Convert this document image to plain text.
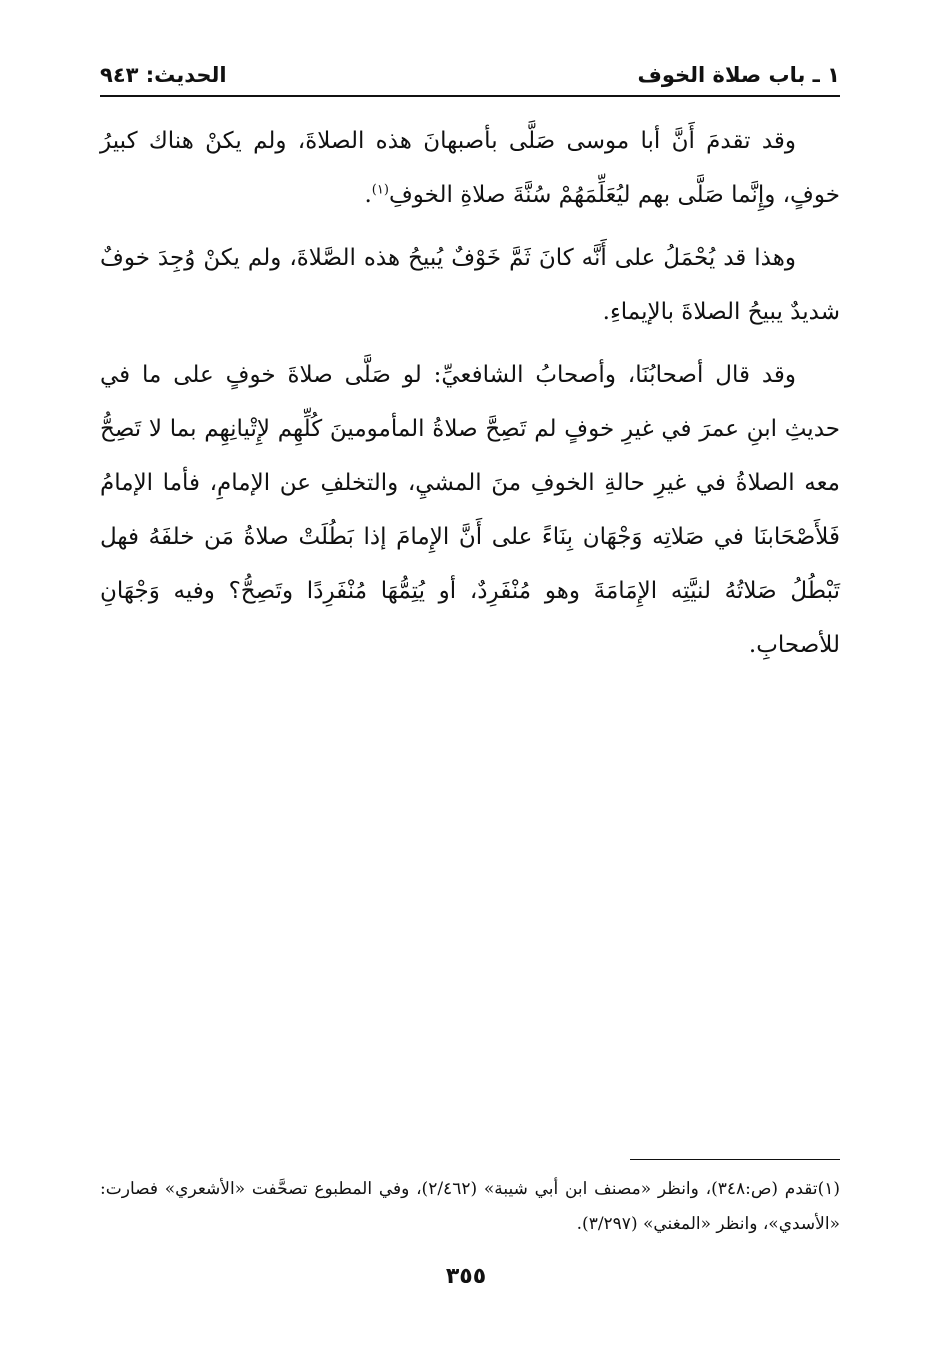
١ ـ باب صلاة الخوف
الحديث: ٩٤٣

وقد تقدمَ أَنَّ أبا موسى صَلَّى بأصبهانَ هذه الصلاةَ، ولم يكنْ هناك كبيرُ خوفٍ، وإِنَّما صَلَّى بهم ليُعَلِّمَهُمْ سُنَّةَ صلاةِ الخوفِ$^{(١)}$.

وهذا قد يُحْمَلُ على أَنَّه كانَ ثَمَّ خَوْفٌ يُبيحُ هذه الصَّلاةَ، ولم يكنْ وُجِدَ خوفٌ شديدٌ يبيحُ الصلاةَ بالإيماءِ.

وقد قال أصحابُنَا، وأصحابُ الشافعيِّ: لو صَلَّى صلاةَ خوفٍ على ما في حديثِ ابنِ عمرَ في غيرِ خوفٍ لم تَصِحَّ صلاةُ المأمومينَ كُلِّهِم لإِتْيانِهِم بما لا تَصِحُّ معه الصلاةُ في غيرِ حالةِ الخوفِ منَ المشيِ، والتخلفِ عن الإمامِ، فأما الإمامُ فَلأَصْحَابنَا في صَلاتِه وَجْهَان بِنَاءً على أَنَّ الإِمامَ إذا بَطُلَتْ صلاةُ مَن خلفَهُ فهل تَبْطُلُ صَلاتُهُ لنيَّتِه الإِمَامَةَ وهو مُنْفَرِدٌ، أو يُتِمُّهَا مُنْفَرِدًا وتَصِحُّ؟ وفيه وَجْهَانِ للأصحابِ.

(١)تقدم (ص:٣٤٨)، وانظر «مصنف ابن أبي شيبة» (٢/٤٦٢)، وفي المطبوع تصحَّفت «الأشعري» فصارت: «الأسدي»، وانظر «المغني» (٣/٢٩٧).

٣٥٥
